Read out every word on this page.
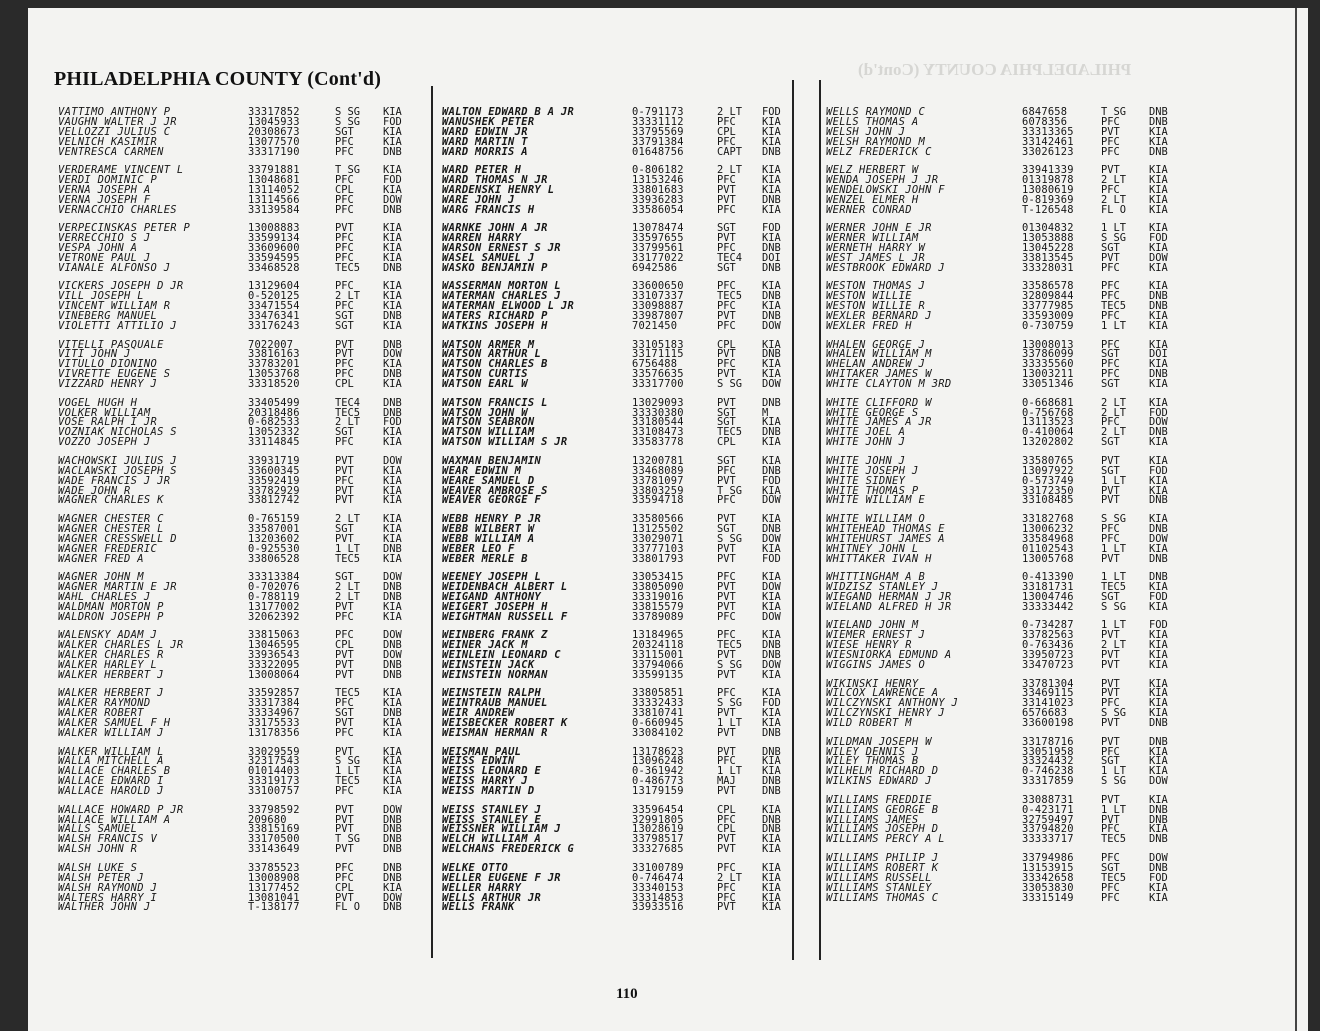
PHILADELPHIA COUNTY (Cont'd)
PHILADELPHIA COUNTY (Cont'd)
VATTIMO ANTHONY P	33317852	S SG KIA
VAUGHN WALTER J JR	13045933	S SG FOD
VELLOZZI JULIUS C	20308673	SGT	KIA
VELNICH KASIMIR	13077570	PFC	KIA
VENTRESCA CARMEN	33317190	PFC	DNB
VERDERAME VINCENT L	33791881	T SG KIA
VERDI DOMINIC P	13048681	PFC	FOD
VERNA JOSEPH A	13114052	CPL	KIA
VERNA JOSEPH F	13114566	PFC	DOW
VERNACCHIO CHARLES	33139584	PFC	DNB
VERPECINSKAS PETER P	13008883	PVT	KIA
VERRECCHIO S J	33599134	PFC	KIA
VESPA JOHN A	33609600	PFC	KIA
VETRONE PAUL J	33594595	PFC	KIA
VIANALE ALFONSO J	33468528	TEC5 DNB
VICKERS JOSEPH D JR	13129604	PFC	KIA
VILL JOSEPH L	0-520125	2 LT KIA
VINCENT WILLIAM R	33471554	PFC	KIA
VINEBERG MANUEL	33476341	SGT	DNB
VIOLETTI ATTILIO J	33176243	SGT	KIA
VITELLI PASQUALE	7022007	PVT	DNB
VITI JOHN J	33816163	PVT	DOW
VITULLO DIONINO	33783201	PFC	KIA
VIVRETTE EUGENE S	13053768	PFC	DNB
VIZZARD HENRY J	33318520	CPL	KIA
VOGEL HUGH H	33405499	TEC4 DNB
VOLKER WILLIAM	20318486	TEC5 DNB
VOSE RALPH I JR	0-682533	2 LT FOD
VOZNIAK NICHOLAS S	13052332	SGT	KIA
VOZZO JOSEPH J	33114845	PFC	KIA
WACHOWSKI JULIUS J	33931719	PVT	DOW
WACLAWSKI JOSEPH S	33600345	PVT	KIA
WADE FRANCIS J JR	33592419	PFC	KIA
WADE JOHN R	33782929	PVT	KIA
WAGNER CHARLES K	33812742	PVT	KIA
WAGNER CHESTER C	0-765159	2 LT KIA
WAGNER CHESTER L	33587001	SGT	KIA
WAGNER CRESSWELL D	13203602	PVT	KIA
WAGNER FREDERIC	0-925530	1 LT DNB
WAGNER FRED A	33806528	TEC5 KIA
WAGNER JOHN M	33313384	SGT	DOW
WAGNER MARTIN E JR	0-702076	2 LT DNB
WAHL CHARLES J	0-788119	2 LT DNB
WALDMAN MORTON P	13177002	PVT	KIA
WALDRON JOSEPH P	32062392	PFC	KIA
WALENSKY ADAM J	33815063	PFC	DOW
WALKER CHARLES L JR	13046595	CPL	DNB
WALKER CHARLES R	33936543	PVT	DOW
WALKER HARLEY L	33322095	PVT	DNB
WALKER HERBERT J	13008064	PVT	DNB
WALKER HERBERT J	33592857	TEC5 KIA
WALKER RAYMOND	33317384	PFC	KIA
WALKER ROBERT	33334967	SGT	DNB
WALKER SAMUEL F H	33175533	PVT	KIA
WALKER WILLIAM J	13178356	PFC	KIA
WALKER WILLIAM L	33029559	PVT	KIA
WALLA MITCHELL A	32317543	S SG KIA
WALLACE CHARLES B	01014403	1 LT KIA
WALLACE EDWARD I	33319173	TEC5 KIA
WALLACE HAROLD J	33100757	PFC	KIA
WALLACE HOWARD P JR	33798592	PVT	DOW
WALLACE WILLIAM A	209680	PVT	DNB
WALLS SAMUEL	33815169	PVT	DNB
WALSH FRANCIS V	33170500	T SG DNB
WALSH JOHN R	33143649	PVT	DNB
WALSH LUKE S	33785523	PFC	DNB
WALSH PETER J	13008908	PFC	DNB
WALSH RAYMOND J	13177452	CPL	KIA
WALTERS HARRY I	13081041	PVT	DOW
WALTHER JOHN J	T-138177	FL O DNB
WALTON EDWARD B A JR	0-791173	2 LT FOD
WANUSHEK PETER	33331112	PFC	KIA
WARD EDWIN JR	33795569	CPL	KIA
WARD MARTIN T	33791384	PFC	KIA
WARD MORRIS A	01648756	CAPT DNB
WARD PETER H	0-806182	2 LT KIA
WARD THOMAS N JR	13153246	PFC	KIA
WARDENSKI HENRY L	33801683	PVT	KIA
WARE JOHN J	33936283	PVT	DNB
WARG FRANCIS H	33586054	PFC	KIA
WARNKE JOHN A JR	13078474	SGT	FOD
WARREN HARRY	33597655	PVT	KIA
WARSON ERNEST S JR	33799561	PFC	DNB
WASEL SAMUEL J	33177022	TEC4 DOI
WASKO BENJAMIN P	6942586	SGT	DNB
WASSERMAN MORTON L	33600650	PFC	KIA
WATERMAN CHARLES J	33107337	TEC5 DNB
WATERMAN ELWOOD L JR	33098887	PFC	KIA
WATERS RICHARD P	33987807	PVT	DNB
WATKINS JOSEPH H	7021450	PFC	DOW
WATSON ARMER M	33105183	CPL	KIA
WATSON ARTHUR L	33171115	PVT	DNB
WATSON CHARLES B	6756488	PFC	KIA
WATSON CURTIS	33576635	PVT	KIA
WATSON EARL W	33317700	S SG DOW
WATSON FRANCIS L	13029093	PVT	DNB
WATSON JOHN W	33330380	SGT	M
WATSON SEABRON	33180544	SGT	KIA
WATSON WILLIAM	33108473	TEC5 DNB
WATSON WILLIAM S JR	33583778	CPL	KIA
WAXMAN BENJAMIN	13200781	SGT	KIA
WEAR EDWIN M	33468089	PFC	DNB
WEARE SAMUEL D	33781097	PVT	FOD
WEAVER AMBROSE S	33803259	T SG KIA
WEAVER GEORGE F	33594718	PFC	DOW
WEBB HENRY P JR	33580566	PVT	KIA
WEBB WILBERT W	13125502	SGT	DNB
WEBB WILLIAM A	33029071	S SG DOW
WEBER LEO F	33777103	PVT	KIA
WEBER MERLE B	33801793	PVT	FOD
WEENEY JOSEPH L	33053415	PFC	KIA
WEIDENBACH ALBERT L	33805090	PVT	DOW
WEIGAND ANTHONY	33319016	PVT	KIA
WEIGERT JOSEPH H	33815579	PVT	KIA
WEIGHTMAN RUSSELL F	33789089	PFC	DOW
WEINBERG FRANK Z	13184965	PFC	KIA
WEINER JACK M	20324118	TEC5 DNB
WEINLEIN LEONARD C	33115001	PVT	DNB
WEINSTEIN JACK	33794066	S SG DOW
WEINSTEIN NORMAN	33599135	PVT	KIA
WEINSTEIN RALPH	33805851	PFC	KIA
WEINTRAUB MANUEL	33332433	S SG FOD
WEIR ANDREW	33810741	PVT	KIA
WEISBECKER ROBERT K	0-660945	1 LT KIA
WEISMAN HERMAN R	33084102	PVT	DNB
WEISMAN PAUL	13178623	PVT	DNB
WEISS EDWIN	13096248	PFC	KIA
WEISS LEONARD E	0-361942	1 LT KIA
WEISS HARRY J	0-486773	MAJ	DNB
WEISS MARTIN D	13179159	PVT	DNB
WEISS STANLEY J	33596454	CPL	KIA
WEISS STANLEY E	32991805	PFC	DNB
WEISSNER WILLIAM J	13028619	CPL	DNB
WELCH WILLIAM A	33798517	PVT	KIA
WELCHANS FREDERICK G	33327685	PVT	KIA
WELKE OTTO	33100789	PFC	KIA
WELLER EUGENE F JR	0-746474	2 LT KIA
WELLER HARRY	33340153	PFC	KIA
WELLS ARTHUR JR	33314853	PFC	KIA
WELLS FRANK	33933516	PVT	KIA
WELLS RAYMOND C	6847658	T SG DNB
WELLS THOMAS A	6078356	PFC	DNB
WELSH JOHN J	33313365	PVT	KIA
WELSH RAYMOND M	33142461	PFC	KIA
WELZ FREDERICK C	33026123	PFC	DNB
WELZ HERBERT W	33941339	PVT	KIA
WENDA JOSEPH J JR	01319878	2 LT KIA
WENDELOWSKI JOHN F	13080619	PFC	KIA
WENZEL ELMER H	0-819369	2 LT KIA
WERNER CONRAD	T-126548	FL O KIA
WERNER JOHN E JR	01304832	1 LT KIA
WERNER WILLIAM	13053888	S SG FOD
WERNETH HARRY W	13045228	SGT	KIA
WEST JAMES L JR	33813545	PVT	DOW
WESTBROOK EDWARD J	33328031	PFC	KIA
WESTON THOMAS J	33586578	PFC	KIA
WESTON WILLIE	32809844	PFC	DNB
WESTON WILLIE R	33777985	TEC5 DNB
WEXLER BERNARD J	33593009	PFC	KIA
WEXLER FRED H	0-730759	1 LT KIA
WHALEN GEORGE J	13008013	PFC	KIA
WHALEN WILLIAM M	33786099	SGT	DOI
WHELAN ANDREW J	33335560	PFC	KIA
WHITAKER JAMES W	13003211	PFC	DNB
WHITE CLAYTON M 3RD	33051346	SGT	KIA
WHITE CLIFFORD W	0-668681	2 LT KIA
WHITE GEORGE S	0-756768	2 LT FOD
WHITE JAMES A JR	13113523	PFC	DOW
WHITE JOEL A	0-410064	2 LT DNB
WHITE JOHN J	13202802	SGT	KIA
WHITE JOHN J	33580765	PVT	KIA
WHITE JOSEPH J	13097922	SGT	FOD
WHITE SIDNEY	0-573749	1 LT KIA
WHITE THOMAS P	33172350	PVT	KIA
WHITE WILLIAM E	33108485	PVT	DNB
WHITE WILLIAM O	33182768	S SG KIA
WHITEHEAD THOMAS E	13006232	PFC	DNB
WHITEHURST JAMES A	33584968	PFC	DOW
WHITNEY JOHN L	01102543	1 LT KIA
WHITTAKER IVAN H	13005768	PVT	DNB
WHITTINGHAM A B	0-413390	1 LT DNB
WIDZISZ STANLEY J	33181731	TEC5 KIA
WIEGAND HERMAN J JR	13004746	SGT	FOD
WIELAND ALFRED H JR	33333442	S SG KIA
WIELAND JOHN M	0-734287	1 LT FOD
WIEMER ERNEST J	33782563	PVT	KIA
WIESE HENRY R	0-763436	2 LT KIA
WIESNIORKA EDMUND A	33950723	PVT	KIA
WIGGINS JAMES O	33470723	PVT	KIA
WIKINSKI HENRY	33781304	PVT	KIA
WILCOX LAWRENCE A	33469115	PVT	KIA
WILCZYNSKI ANTHONY J	33141023	PFC	KIA
WILCZYNSKI HENRY J	6576683	S SG KIA
WILD ROBERT M	33600198	PVT	DNB
WILDMAN JOSEPH W	33178716	PVT	DNB
WILEY DENNIS J	33051958	PFC	KIA
WILEY THOMAS B	33324432	SGT	KIA
WILHELM RICHARD D	0-746238	1 LT KIA
WILKINS EDWARD J	33317859	S SG DOW
WILLIAMS FREDDIE	33088731	PVT	KIA
WILLIAMS GEORGE B	0-423171	1 LT DNB
WILLIAMS JAMES	32759497	PVT	DNB
WILLIAMS JOSEPH D	33794820	PFC	KIA
WILLIAMS PERCY A L	33333717	TEC5 DNB
WILLIAMS PHILIP J	33794986	PFC	DOW
WILLIAMS ROBERT K	13153915	SGT	DNB
WILLIAMS RUSSELL	33342658	TEC5 FOD
WILLIAMS STANLEY	33053830	PFC	KIA
WILLIAMS THOMAS C	33315149	PFC	KIA
110
